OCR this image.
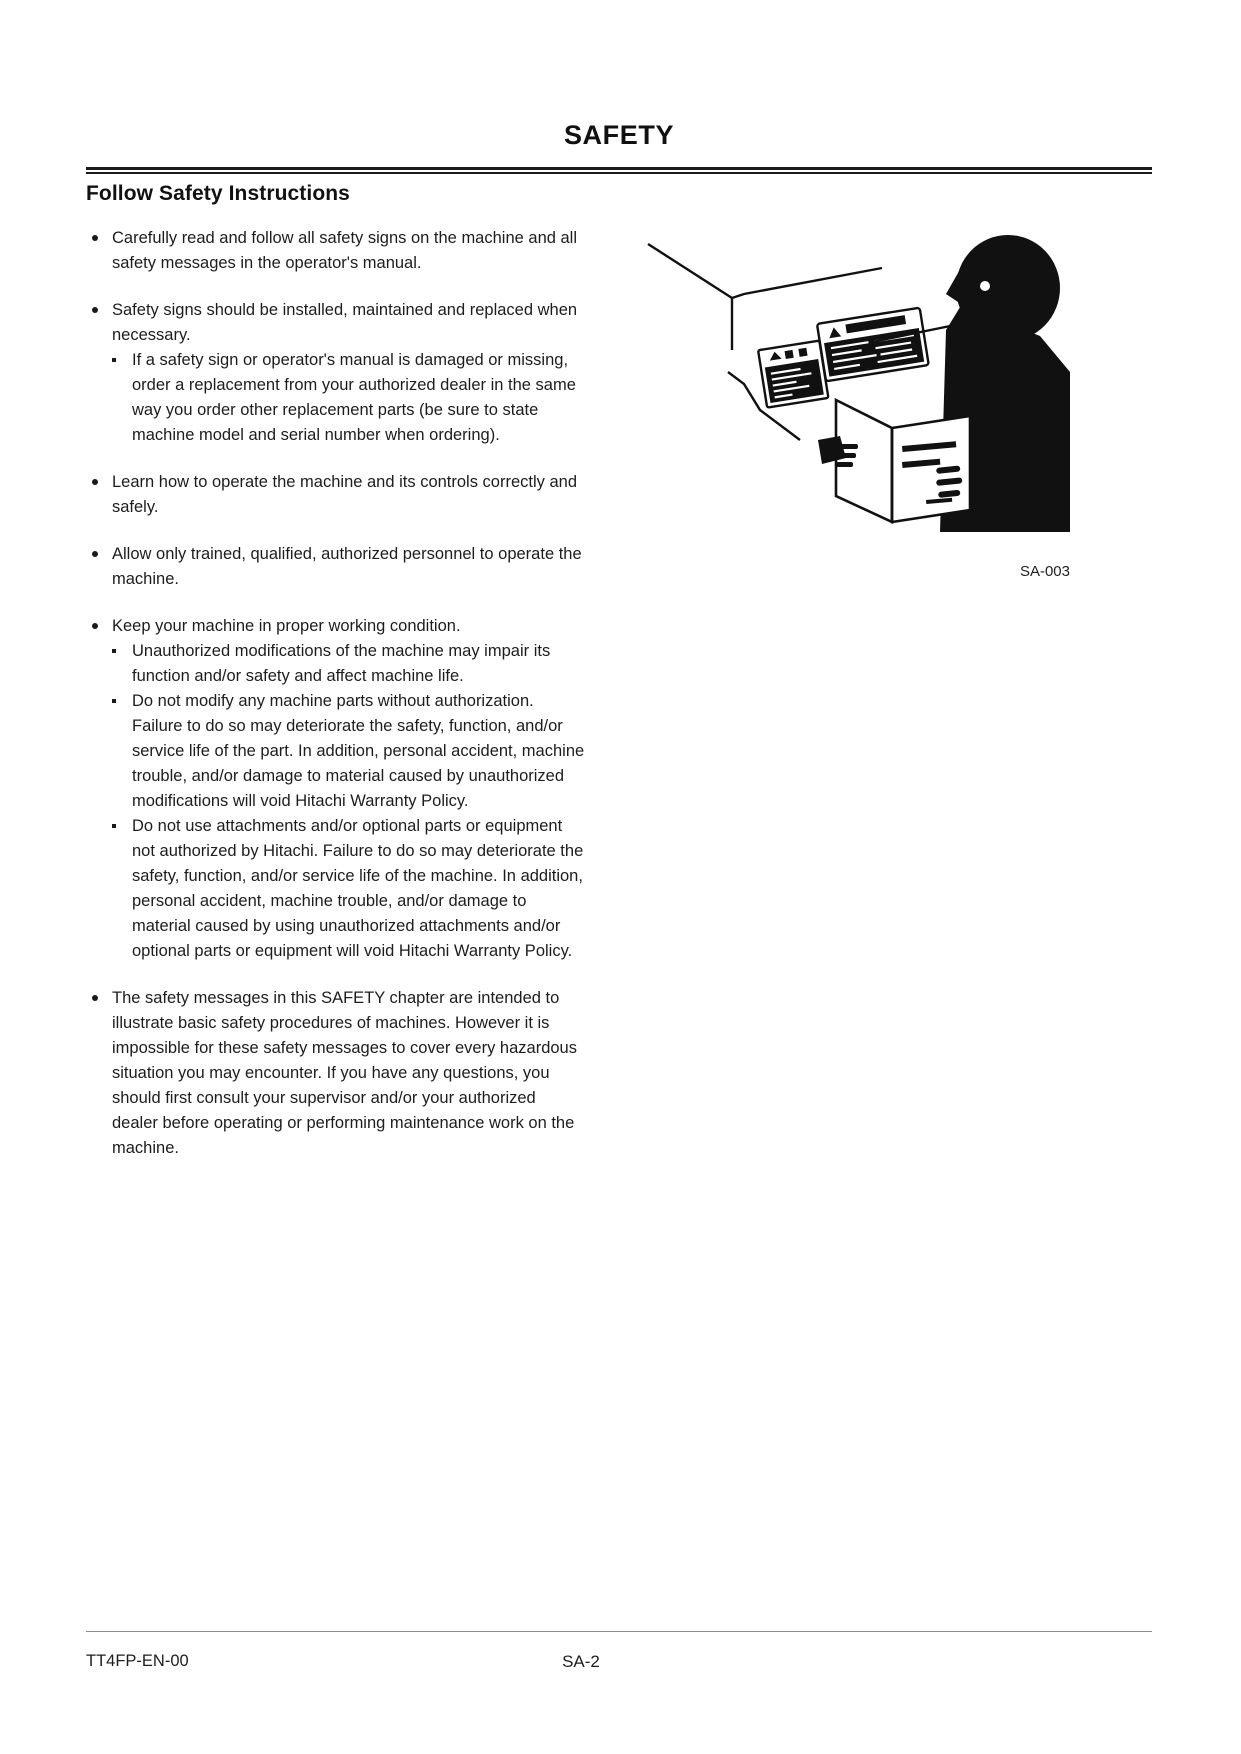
SAFETY
Follow Safety Instructions
Carefully read and follow all safety signs on the machine and all safety messages in the operator's manual.
Safety signs should be installed, maintained and replaced when necessary.
If a safety sign or operator's manual is damaged or missing, order a replacement from your authorized dealer in the same way you order other replacement parts (be sure to state machine model and serial number when ordering).
Learn how to operate the machine and its controls correctly and safely.
Allow only trained, qualified, authorized personnel to operate the machine.
Keep your machine in proper working condition.
Unauthorized modifications of the machine may impair its function and/or safety and affect machine life.
Do not modify any machine parts without authorization. Failure to do so may deteriorate the safety, function, and/or service life of the part. In addition, personal accident, machine trouble, and/or damage to material caused by unauthorized modifications will void Hitachi Warranty Policy.
Do not use attachments and/or optional parts or equipment not authorized by Hitachi. Failure to do so may deteriorate the safety, function, and/or service life of the machine. In addition, personal accident, machine trouble, and/or damage to material caused by using unauthorized attachments and/or optional parts or equipment will void Hitachi Warranty Policy.
The safety messages in this SAFETY chapter are intended to illustrate basic safety procedures of machines. However it is impossible for these safety messages to cover every hazardous situation you may encounter. If you have any questions, you should first consult your supervisor and/or your authorized dealer before operating or performing maintenance work on the machine.
SA-003
TT4FP-EN-00	SA-2
